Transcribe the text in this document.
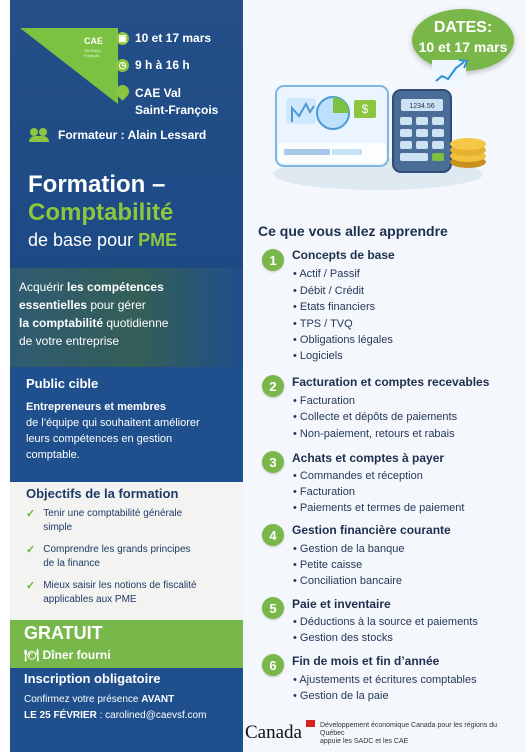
CAE
Val Saint-François
▣ 10 et 17 mars
◷ 9 h à 16 h
CAE Val
Saint-François
Formateur : Alain Lessard
Formation –
Comptabilité
de base pour PME
Acquérir les compétences
essentielles pour gérer
la comptabilité quotidienne
de votre entreprise
Public cible
Entrepreneurs et membres
de l’équipe qui souhaitent améliorer
leurs compétences en gestion
comptable.
Objectifs de la formation
✓ Tenir une comptabilité générale
simple
✓ Comprendre les grands principes
de la finance
✓ Mieux saisir les notions de fiscalité
applicables aux PME
GRATUIT
🍽 Dîner fourni
Inscription obligatoire
Confirmez votre présence AVANT
LE 25 FÉVRIER : carolined@caevsf.com
DATES:
10 et 17 mars
$	1234.56
Ce que vous allez apprendre
1	Concepts de base
• Actif / Passif
• Débit / Crédit
• Etats financiers
• TPS / TVQ
• Obligations légales
• Logiciels
2	Facturation et comptes recevables
• Facturation
• Collecte et dépôts de paiements
• Non-paiement, retours et rabais
3	Achats et comptes à payer
• Commandes et réception
• Facturation
• Paiements et termes de paiement
4	Gestion financière courante
• Gestion de la banque
• Petite caisse
• Conciliation bancaire
5	Paie et inventaire
• Déductions à la source et paiements
• Gestion des stocks
6	Fin de mois et fin d’année
• Ajustements et écritures comptables
• Gestion de la paie
Canada	Développement économique Canada pour les régions du Québec
appuie les SADC et les CAE
